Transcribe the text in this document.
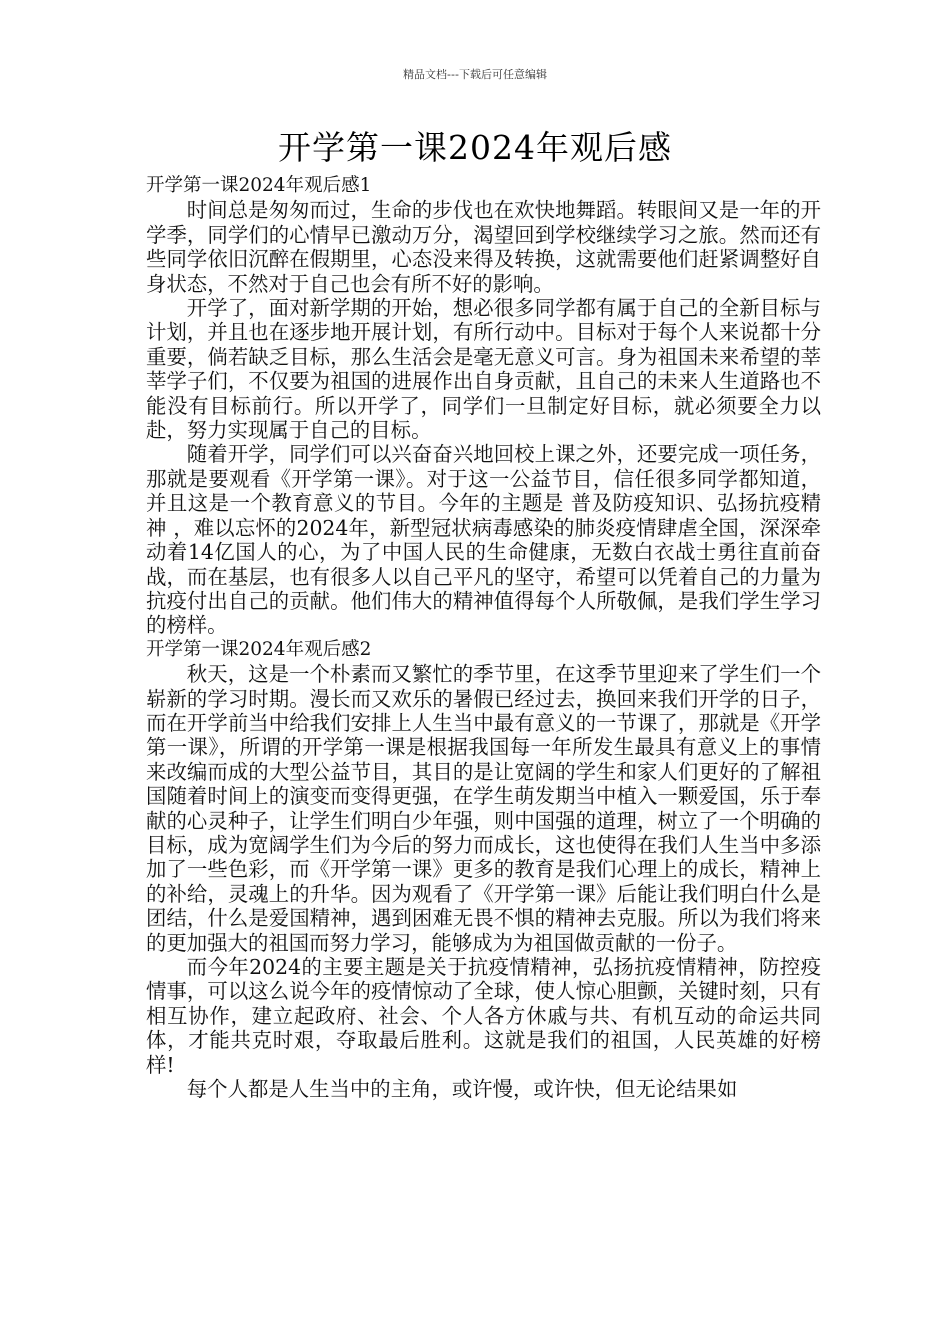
精品文档---下载后可任意编辑
开学第一课2024年观后感

开学第一课2024年观后感1

时间总是匆匆而过，生命的步伐也在欢快地舞蹈。转眼间又是一年的开学季，同学们的心情早已激动万分，渴望回到学校继续学习之旅。然而还有些同学依旧沉醉在假期里，心态没来得及转换，这就需要他们赶紧调整好自身状态，不然对于自己也会有所不好的影响。

开学了，面对新学期的开始，想必很多同学都有属于自己的全新目标与计划，并且也在逐步地开展计划，有所行动中。目标对于每个人来说都十分重要，倘若缺乏目标，那么生活会是毫无意义可言。身为祖国未来希望的莘莘学子们，不仅要为祖国的进展作出自身贡献，且自己的未来人生道路也不能没有目标前行。所以开学了，同学们一旦制定好目标，就必须要全力以赴，努力实现属于自己的目标。

随着开学，同学们可以兴奋奋兴地回校上课之外，还要完成一项任务，那就是要观看《开学第一课》。对于这一公益节目，信任很多同学都知道，并且这是一个教育意义的节目。今年的主题是 普及防疫知识、弘扬抗疫精神 ，难以忘怀的2024年，新型冠状病毒感染的肺炎疫情肆虐全国，深深牵动着14亿国人的心，为了中国人民的生命健康，无数白衣战士勇往直前奋战，而在基层，也有很多人以自己平凡的坚守，希望可以凭着自己的力量为抗疫付出自己的贡献。他们伟大的精神值得每个人所敬佩，是我们学生学习的榜样。

开学第一课2024年观后感2

秋天，这是一个朴素而又繁忙的季节里，在这季节里迎来了学生们一个崭新的学习时期。漫长而又欢乐的暑假已经过去，换回来我们开学的日子，而在开学前当中给我们安排上人生当中最有意义的一节课了，那就是《开学第一课》，所谓的开学第一课是根据我国每一年所发生最具有意义上的事情来改编而成的大型公益节目，其目的是让宽阔的学生和家人们更好的了解祖国随着时间上的演变而变得更强，在学生萌发期当中植入一颗爱国，乐于奉献的心灵种子，让学生们明白少年强，则中国强的道理，树立了一个明确的目标，成为宽阔学生们为今后的努力而成长，这也使得在我们人生当中多添加了一些色彩，而《开学第一课》更多的教育是我们心理上的成长，精神上的补给，灵魂上的升华。因为观看了《开学第一课》后能让我们明白什么是团结，什么是爱国精神，遇到困难无畏不惧的精神去克服。所以为我们将来的更加强大的祖国而努力学习，能够成为为祖国做贡献的一份子。

而今年2024的主要主题是关于抗疫情精神，弘扬抗疫情精神，防控疫情事，可以这么说今年的疫情惊动了全球，使人惊心胆颤，关键时刻，只有相互协作，建立起政府、社会、个人各方休戚与共、有机互动的命运共同体，才能共克时艰，夺取最后胜利。这就是我们的祖国，人民英雄的好榜样!

每个人都是人生当中的主角，或许慢，或许快，但无论结果如
